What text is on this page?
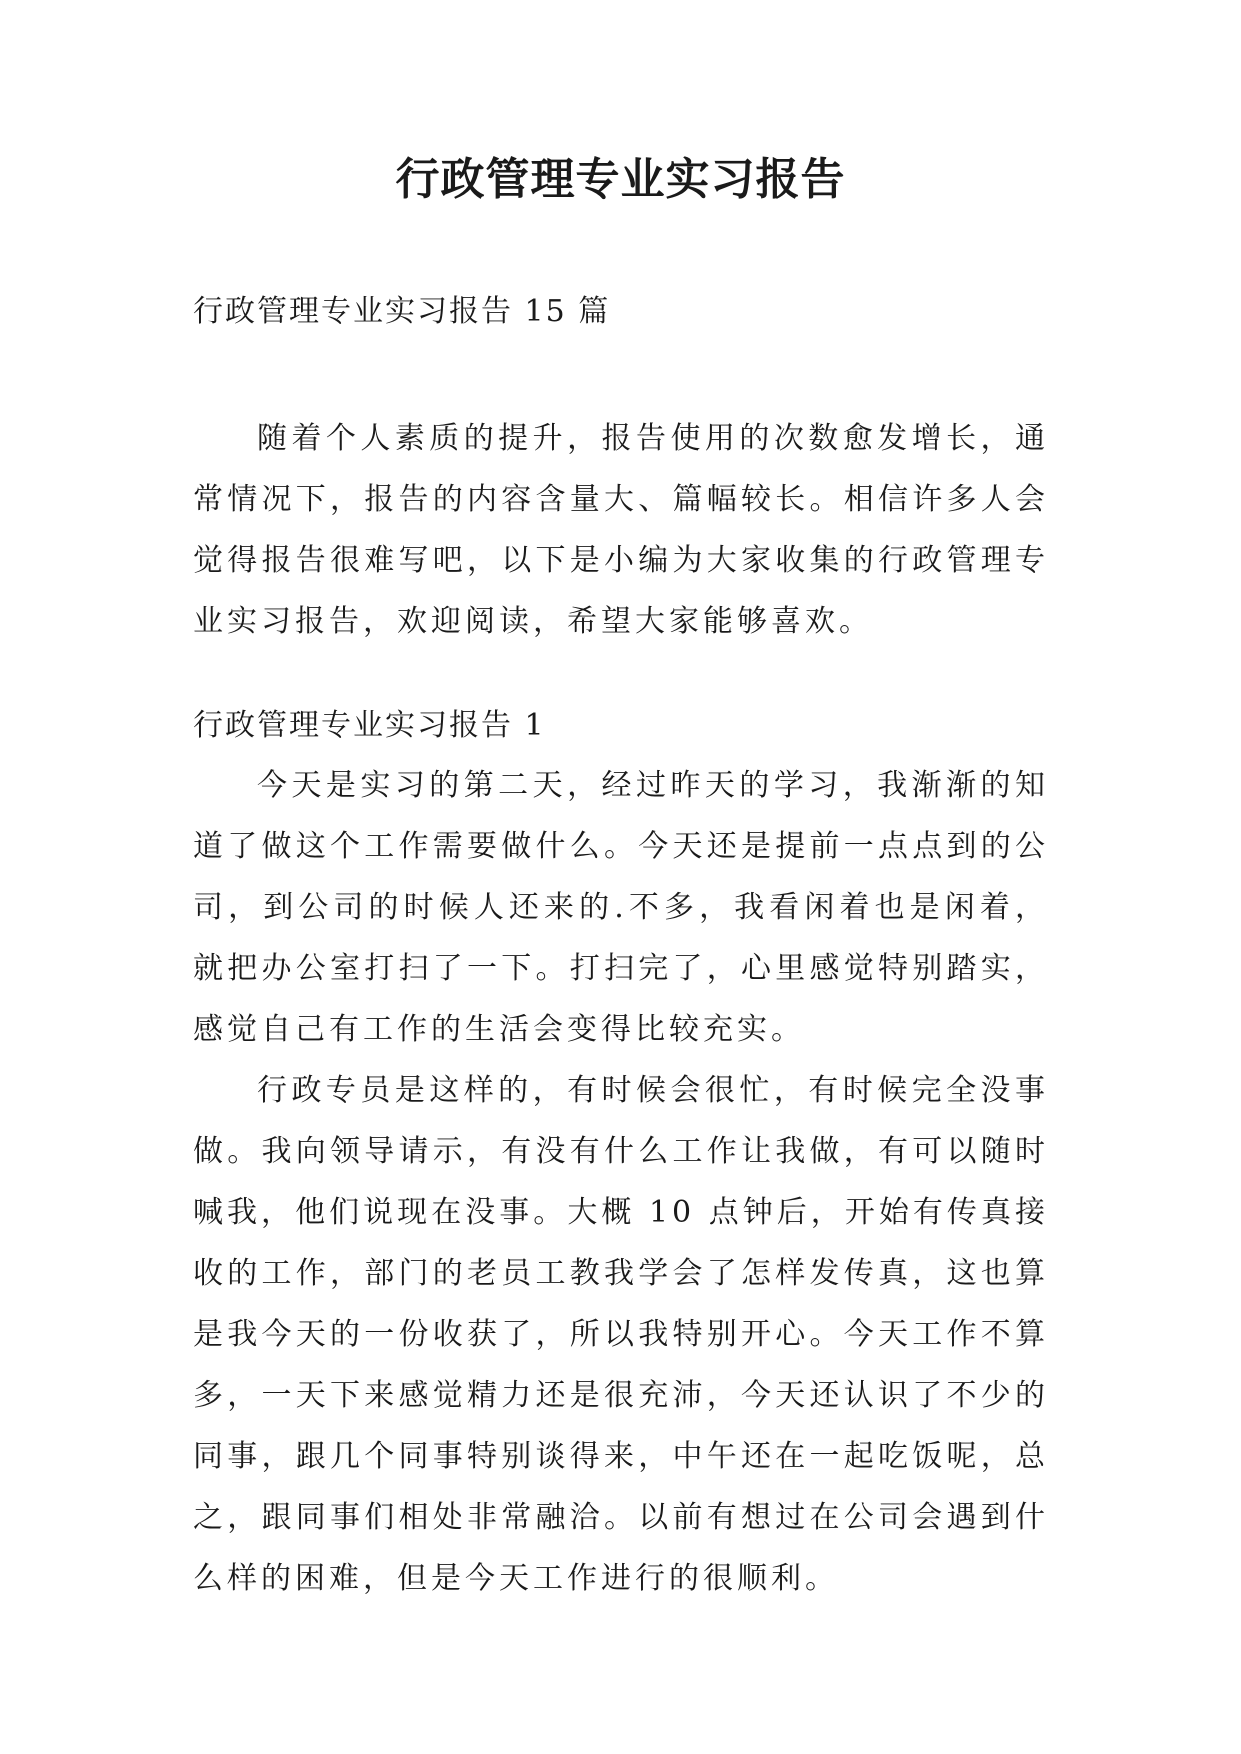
行政管理专业实习报告
行政管理专业实习报告 15 篇

随着个人素质的提升，报告使用的次数愈发增长，通常情况下，报告的内容含量大、篇幅较长。相信许多人会觉得报告很难写吧，以下是小编为大家收集的行政管理专业实习报告，欢迎阅读，希望大家能够喜欢。

行政管理专业实习报告 1

今天是实习的第二天，经过昨天的学习，我渐渐的知道了做这个工作需要做什么。今天还是提前一点点到的公司，到公司的时候人还来的.不多，我看闲着也是闲着，就把办公室打扫了一下。打扫完了，心里感觉特别踏实，感觉自己有工作的生活会变得比较充实。

行政专员是这样的，有时候会很忙，有时候完全没事做。我向领导请示，有没有什么工作让我做，有可以随时喊我，他们说现在没事。大概 10 点钟后，开始有传真接收的工作，部门的老员工教我学会了怎样发传真，这也算是我今天的一份收获了，所以我特别开心。今天工作不算多，一天下来感觉精力还是很充沛，今天还认识了不少的同事，跟几个同事特别谈得来，中午还在一起吃饭呢，总之，跟同事们相处非常融洽。以前有想过在公司会遇到什么样的困难，但是今天工作进行的很顺利。
